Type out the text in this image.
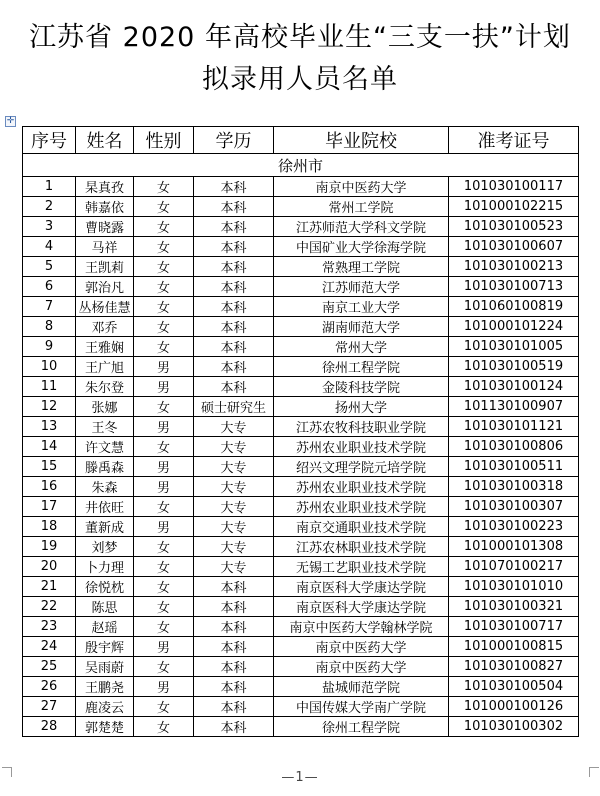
江苏省 2020 年高校毕业生“三支一扶”计划
拟录用人员名单
✛
序号	姓名	性别	学历	毕业院校	准考证号
徐州市					
1	杲真孜	女	本科	南京中医药大学	101030100117
2	韩嘉依	女	本科	常州工学院	101000102215
3	曹晓露	女	本科	江苏师范大学科文学院	101030100523
4	马祥	女	本科	中国矿业大学徐海学院	101030100607
5	王凯莉	女	本科	常熟理工学院	101030100213
6	郭治凡	女	本科	江苏师范大学	101030100713
7	丛杨佳慧	女	本科	南京工业大学	101060100819
8	邓乔	女	本科	湖南师范大学	101000101224
9	王雅娴	女	本科	常州大学	101030101005
10	王广旭	男	本科	徐州工程学院	101030100519
11	朱尔登	男	本科	金陵科技学院	101030100124
12	张娜	女	硕士研究生	扬州大学	101130100907
13	王冬	男	大专	江苏农牧科技职业学院	101030101121
14	许文慧	女	大专	苏州农业职业技术学院	101030100806
15	滕禹森	男	大专	绍兴文理学院元培学院	101030100511
16	朱森	男	大专	苏州农业职业技术学院	101030100318
17	井依旺	女	大专	苏州农业职业技术学院	101030100307
18	董新成	男	大专	南京交通职业技术学院	101030100223
19	刘梦	女	大专	江苏农林职业技术学院	101000101308
20	卜力理	女	大专	无锡工艺职业技术学院	101070100217
21	徐悦枕	女	本科	南京医科大学康达学院	101030101010
22	陈思	女	本科	南京医科大学康达学院	101030100321
23	赵瑶	女	本科	南京中医药大学翰林学院	101030100717
24	殷宇辉	男	本科	南京中医药大学	101000100815
25	吴雨蔚	女	本科	南京中医药大学	101030100827
26	王鹏尧	男	本科	盐城师范学院	101030100504
27	鹿凌云	女	本科	中国传媒大学南广学院	101000100126
28	郭楚楚	女	本科	徐州工程学院	101030100302
—1—
